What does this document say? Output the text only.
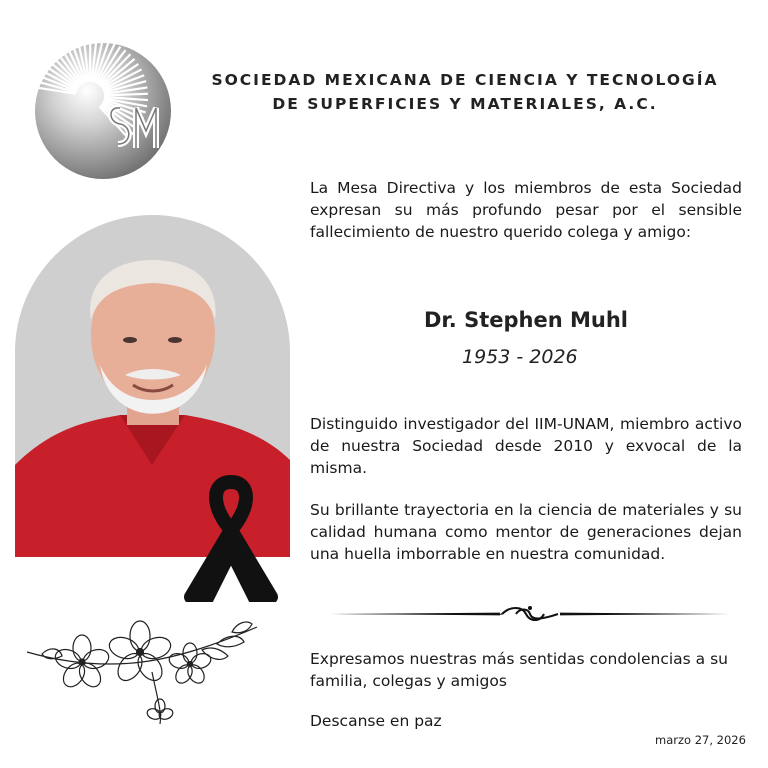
SOCIEDAD MEXICANA DE CIENCIA Y TECNOLOGÍA
DE SUPERFICIES Y MATERIALES, A.C.
La Mesa Directiva y los miembros de esta Sociedad expresan su más profundo pesar por el sensible fallecimiento de nuestro querido colega y amigo:
Dr. Stephen Muhl
1953 - 2026
Distinguido investigador del IIM-UNAM, miembro activo de nuestra Sociedad desde 2010 y exvocal de la misma.
Su brillante trayectoria en la ciencia de materiales y su calidad humana como mentor de generaciones dejan una huella imborrable en nuestra comunidad.
Expresamos nuestras más sentidas condolencias a su familia, colegas y amigos
Descanse en paz
marzo 27, 2026
